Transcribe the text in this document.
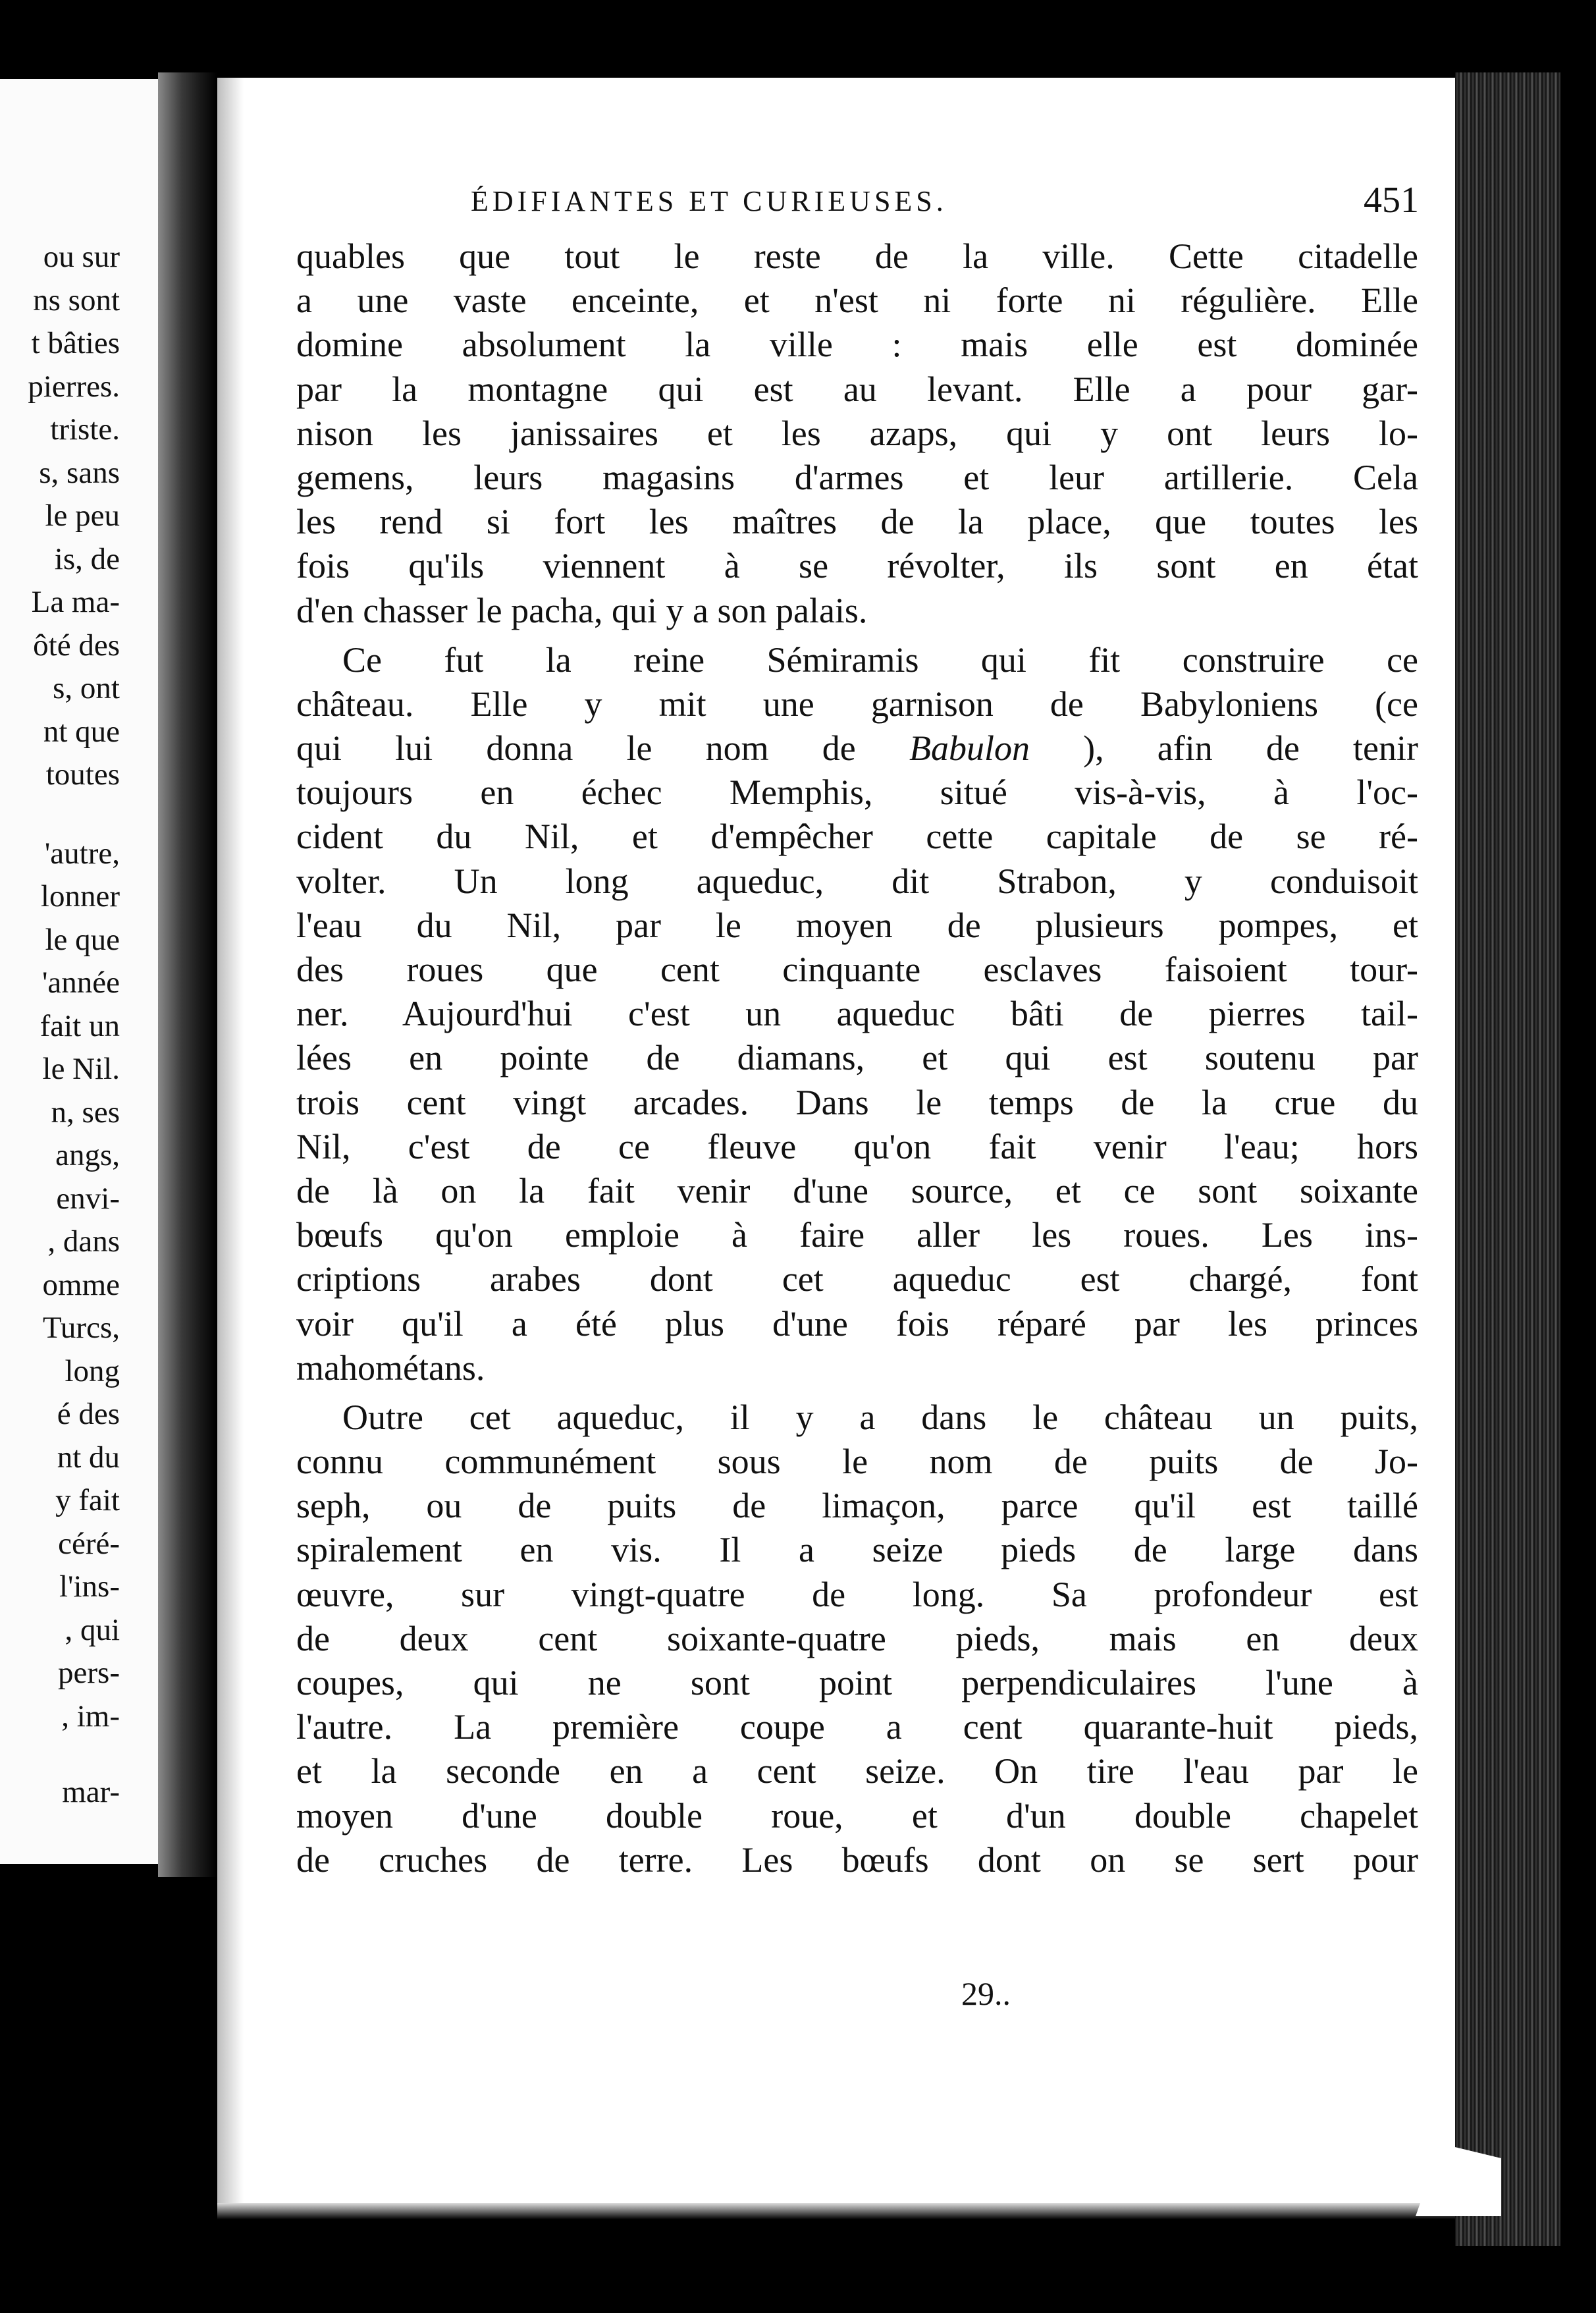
ou sur
ns sont
t bâties
pierres.
triste.
s, sans
le peu
is, de
La ma-
ôté des
s, ont
nt que
toutes
'autre,
lonner
le que
'année
fait un
le Nil.
n, ses
angs,
envi-
, dans
omme
Turcs,
long
é des
nt du
y fait
céré-
l'ins-
, qui
pers-
, im-
mar-
ÉDIFIANTES ET CURIEUSES.	451
quables que tout le reste de la ville. Cette citadelle
a une vaste enceinte, et n'est ni forte ni régulière. Elle
domine absolument la ville : mais elle est dominée
par la montagne qui est au levant. Elle a pour gar-
nison les janissaires et les azaps, qui y ont leurs lo-
gemens, leurs magasins d'armes et leur artillerie. Cela
les rend si fort les maîtres de la place, que toutes les
fois qu'ils viennent à se révolter, ils sont en état
d'en chasser le pacha, qui y a son palais.
Ce fut la reine Sémiramis qui fit construire ce
château. Elle y mit une garnison de Babyloniens (ce
qui lui donna le nom de Babulon ), afin de tenir
toujours en échec Memphis, situé vis-à-vis, à l'oc-
cident du Nil, et d'empêcher cette capitale de se ré-
volter. Un long aqueduc, dit Strabon, y conduisoit
l'eau du Nil, par le moyen de plusieurs pompes, et
des roues que cent cinquante esclaves faisoient tour-
ner. Aujourd'hui c'est un aqueduc bâti de pierres tail-
lées en pointe de diamans, et qui est soutenu par
trois cent vingt arcades. Dans le temps de la crue du
Nil, c'est de ce fleuve qu'on fait venir l'eau; hors
de là on la fait venir d'une source, et ce sont soixante
bœufs qu'on emploie à faire aller les roues. Les ins-
criptions arabes dont cet aqueduc est chargé, font
voir qu'il a été plus d'une fois réparé par les princes
mahométans.
Outre cet aqueduc, il y a dans le château un puits,
connu communément sous le nom de puits de Jo-
seph, ou de puits de limaçon, parce qu'il est taillé
spiralement en vis. Il a seize pieds de large dans
œuvre, sur vingt-quatre de long. Sa profondeur est
de deux cent soixante-quatre pieds, mais en deux
coupes, qui ne sont point perpendiculaires l'une à
l'autre. La première coupe a cent quarante-huit pieds,
et la seconde en a cent seize. On tire l'eau par le
moyen d'une double roue, et d'un double chapelet
de cruches de terre. Les bœufs dont on se sert pour
29..
